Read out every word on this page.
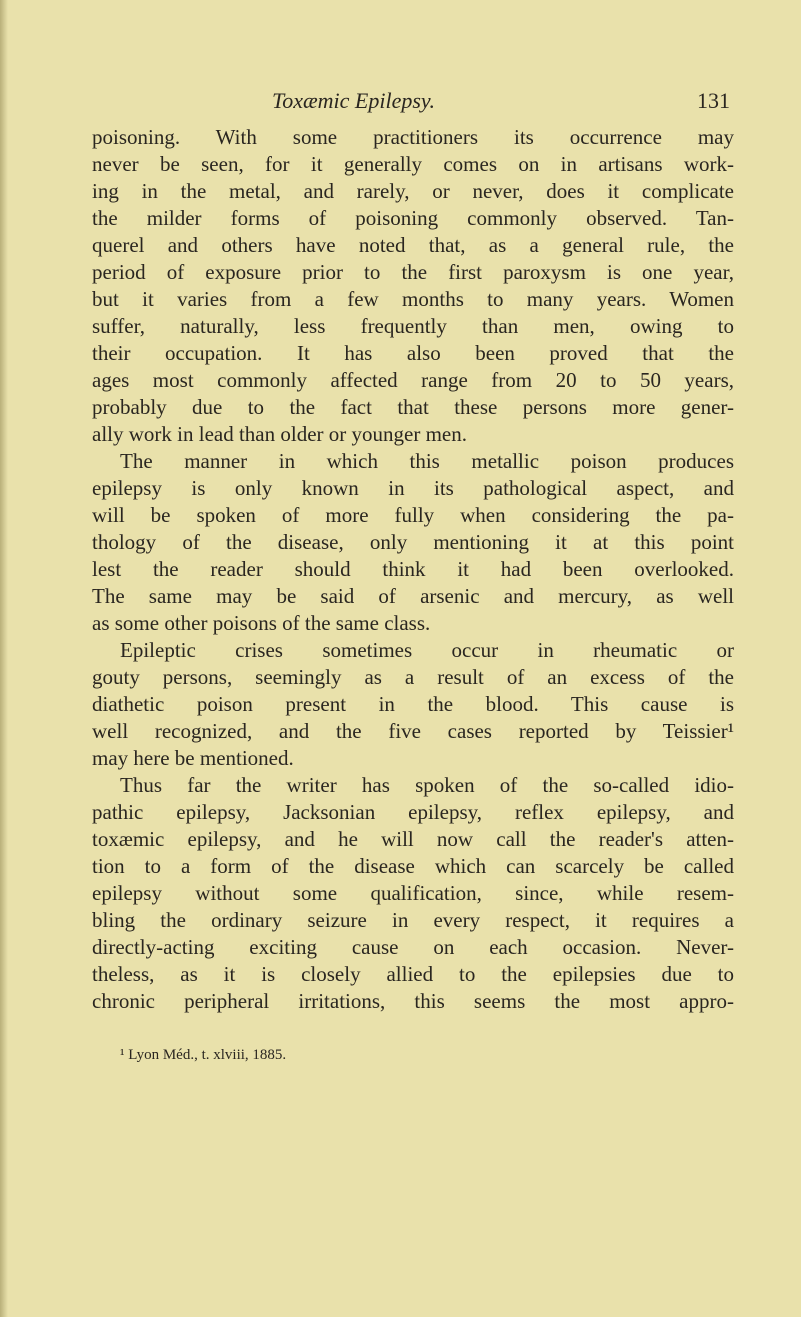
Toxæmic Epilepsy.	131
poisoning. With some practitioners its occurrence may
never be seen, for it generally comes on in artisans work-
ing in the metal, and rarely, or never, does it complicate
the milder forms of poisoning commonly observed. Tan-
querel and others have noted that, as a general rule, the
period of exposure prior to the first paroxysm is one year,
but it varies from a few months to many years. Women
suffer, naturally, less frequently than men, owing to
their occupation. It has also been proved that the
ages most commonly affected range from 20 to 50 years,
probably due to the fact that these persons more gener-
ally work in lead than older or younger men.
The manner in which this metallic poison produces
epilepsy is only known in its pathological aspect, and
will be spoken of more fully when considering the pa-
thology of the disease, only mentioning it at this point
lest the reader should think it had been overlooked.
The same may be said of arsenic and mercury, as well
as some other poisons of the same class.
Epileptic crises sometimes occur in rheumatic or
gouty persons, seemingly as a result of an excess of the
diathetic poison present in the blood. This cause is
well recognized, and the five cases reported by Teissier¹
may here be mentioned.
Thus far the writer has spoken of the so-called idio-
pathic epilepsy, Jacksonian epilepsy, reflex epilepsy, and
toxæmic epilepsy, and he will now call the reader's atten-
tion to a form of the disease which can scarcely be called
epilepsy without some qualification, since, while resem-
bling the ordinary seizure in every respect, it requires a
directly-acting exciting cause on each occasion. Never-
theless, as it is closely allied to the epilepsies due to
chronic peripheral irritations, this seems the most appro-
¹ Lyon Méd., t. xlviii, 1885.
